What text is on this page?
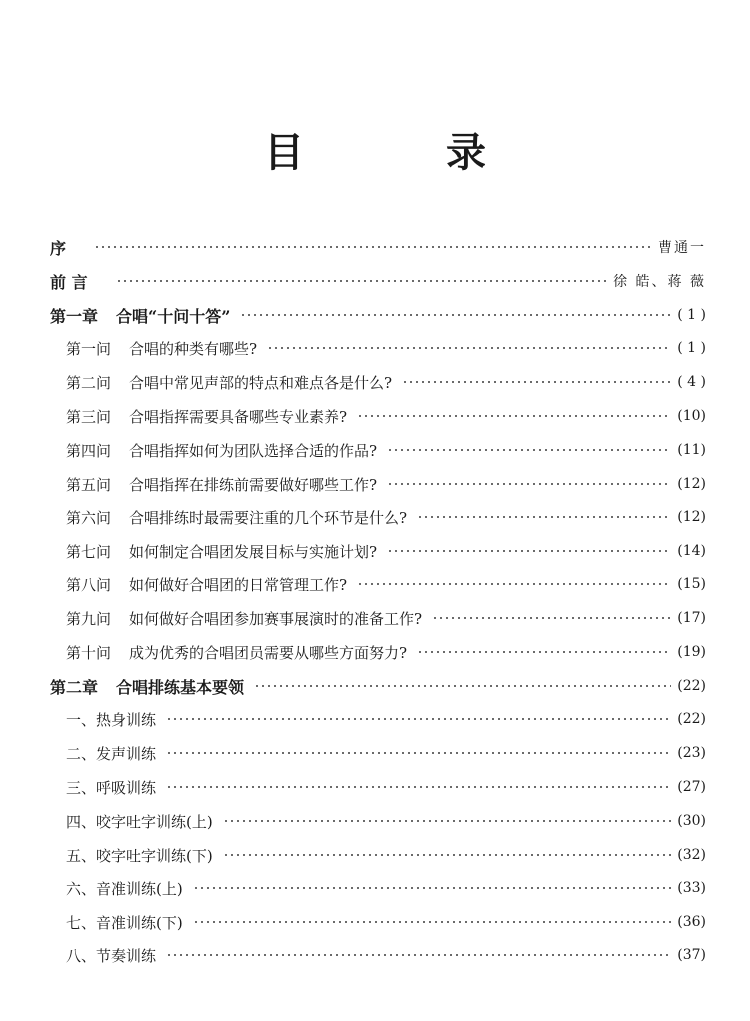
目 录
序	曹通一
前 言	徐 皓、蒋 薇
第一章 合唱“十问十答”	( 1 )
第一问 合唱的种类有哪些?	( 1 )
第二问 合唱中常见声部的特点和难点各是什么?	( 4 )
第三问 合唱指挥需要具备哪些专业素养?	(10)
第四问 合唱指挥如何为团队选择合适的作品?	(11)
第五问 合唱指挥在排练前需要做好哪些工作?	(12)
第六问 合唱排练时最需要注重的几个环节是什么?	(12)
第七问 如何制定合唱团发展目标与实施计划?	(14)
第八问 如何做好合唱团的日常管理工作?	(15)
第九问 如何做好合唱团参加赛事展演时的准备工作?	(17)
第十问 成为优秀的合唱团员需要从哪些方面努力?	(19)
第二章 合唱排练基本要领	(22)
一、热身训练	(22)
二、发声训练	(23)
三、呼吸训练	(27)
四、咬字吐字训练(上)	(30)
五、咬字吐字训练(下)	(32)
六、音准训练(上)	(33)
七、音准训练(下)	(36)
八、节奏训练	(37)
